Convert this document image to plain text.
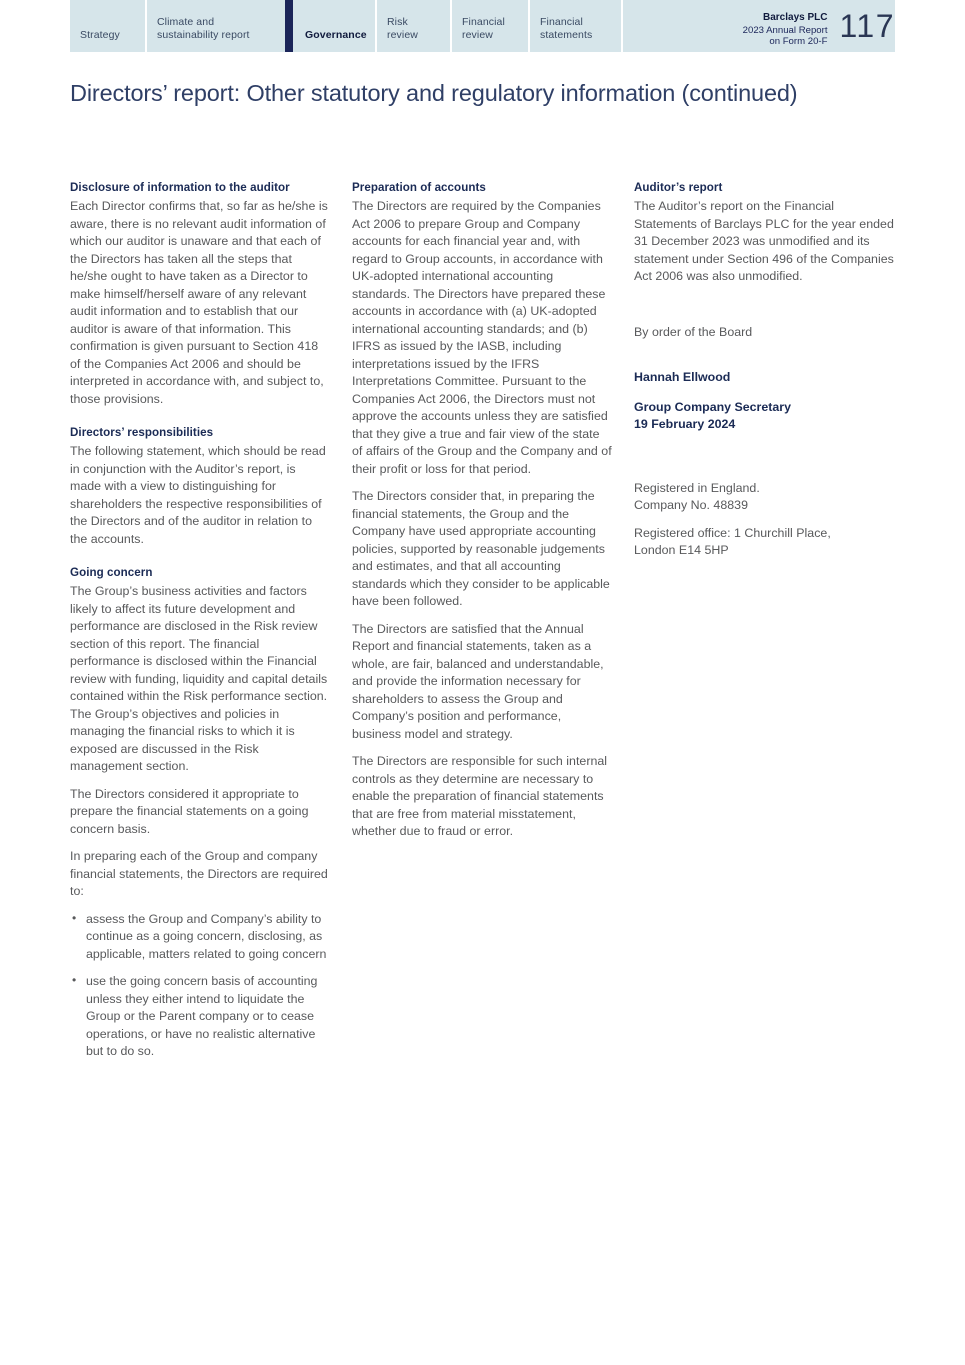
Strategy
Climate and
sustainability report	Governance
Risk
review
Financial
review
Financial
statements
Barclays PLC
2023 Annual Report
on Form 20-F 117
Directors’ report: Other statutory and regulatory information (continued)
Disclosure of information to the auditor

Each Director confirms that, so far as he/she is aware, there is no relevant audit information of which our auditor is unaware and that each of the Directors has taken all the steps that he/she ought to have taken as a Director to make himself/herself aware of any relevant audit information and to establish that our auditor is aware of that information. This confirmation is given pursuant to Section 418 of the Companies Act 2006 and should be interpreted in accordance with, and subject to, those provisions.

Directors’ responsibilities

The following statement, which should be read in conjunction with the Auditor’s report, is made with a view to distinguishing for shareholders the respective responsibilities of the Directors and of the auditor in relation to the accounts.

Going concern

The Group’s business activities and factors likely to affect its future development and performance are disclosed in the Risk review section of this report. The financial performance is disclosed within the Financial review with funding, liquidity and capital details contained within the Risk performance section. The Group’s objectives and policies in managing the financial risks to which it is exposed are discussed in the Risk management section.

The Directors considered it appropriate to prepare the financial statements on a going concern basis.

In preparing each of the Group and company financial statements, the Directors are required to:

• assess the Group and Company’s ability to continue as a going concern, disclosing, as applicable, matters related to going concern
• use the going concern basis of accounting unless they either intend to liquidate the Group or the Parent company or to cease operations, or have no realistic alternative but to do so.
Preparation of accounts

The Directors are required by the Companies Act 2006 to prepare Group and Company accounts for each financial year and, with regard to Group accounts, in accordance with UK-adopted international accounting standards. The Directors have prepared these accounts in accordance with (a) UK-adopted international accounting standards; and (b) IFRS as issued by the IASB, including interpretations issued by the IFRS Interpretations Committee. Pursuant to the Companies Act 2006, the Directors must not approve the accounts unless they are satisfied that they give a true and fair view of the state of affairs of the Group and the Company and of their profit or loss for that period.

The Directors consider that, in preparing the financial statements, the Group and the Company have used appropriate accounting policies, supported by reasonable judgements and estimates, and that all accounting standards which they consider to be applicable have been followed.

The Directors are satisfied that the Annual Report and financial statements, taken as a whole, are fair, balanced and understandable, and provide the information necessary for shareholders to assess the Group and Company’s position and performance, business model and strategy.

The Directors are responsible for such internal controls as they determine are necessary to enable the preparation of financial statements that are free from material misstatement, whether due to fraud or error.

Auditor’s report

The Auditor’s report on the Financial Statements of Barclays PLC for the year ended 31 December 2023 was unmodified and its statement under Section 496 of the Companies Act 2006 was also unmodified.

By order of the Board

Hannah Ellwood

Group Company Secretary

19 February 2024

Registered in England.

Company No. 48839

Registered office: 1 Churchill Place,

London E14 5HP
